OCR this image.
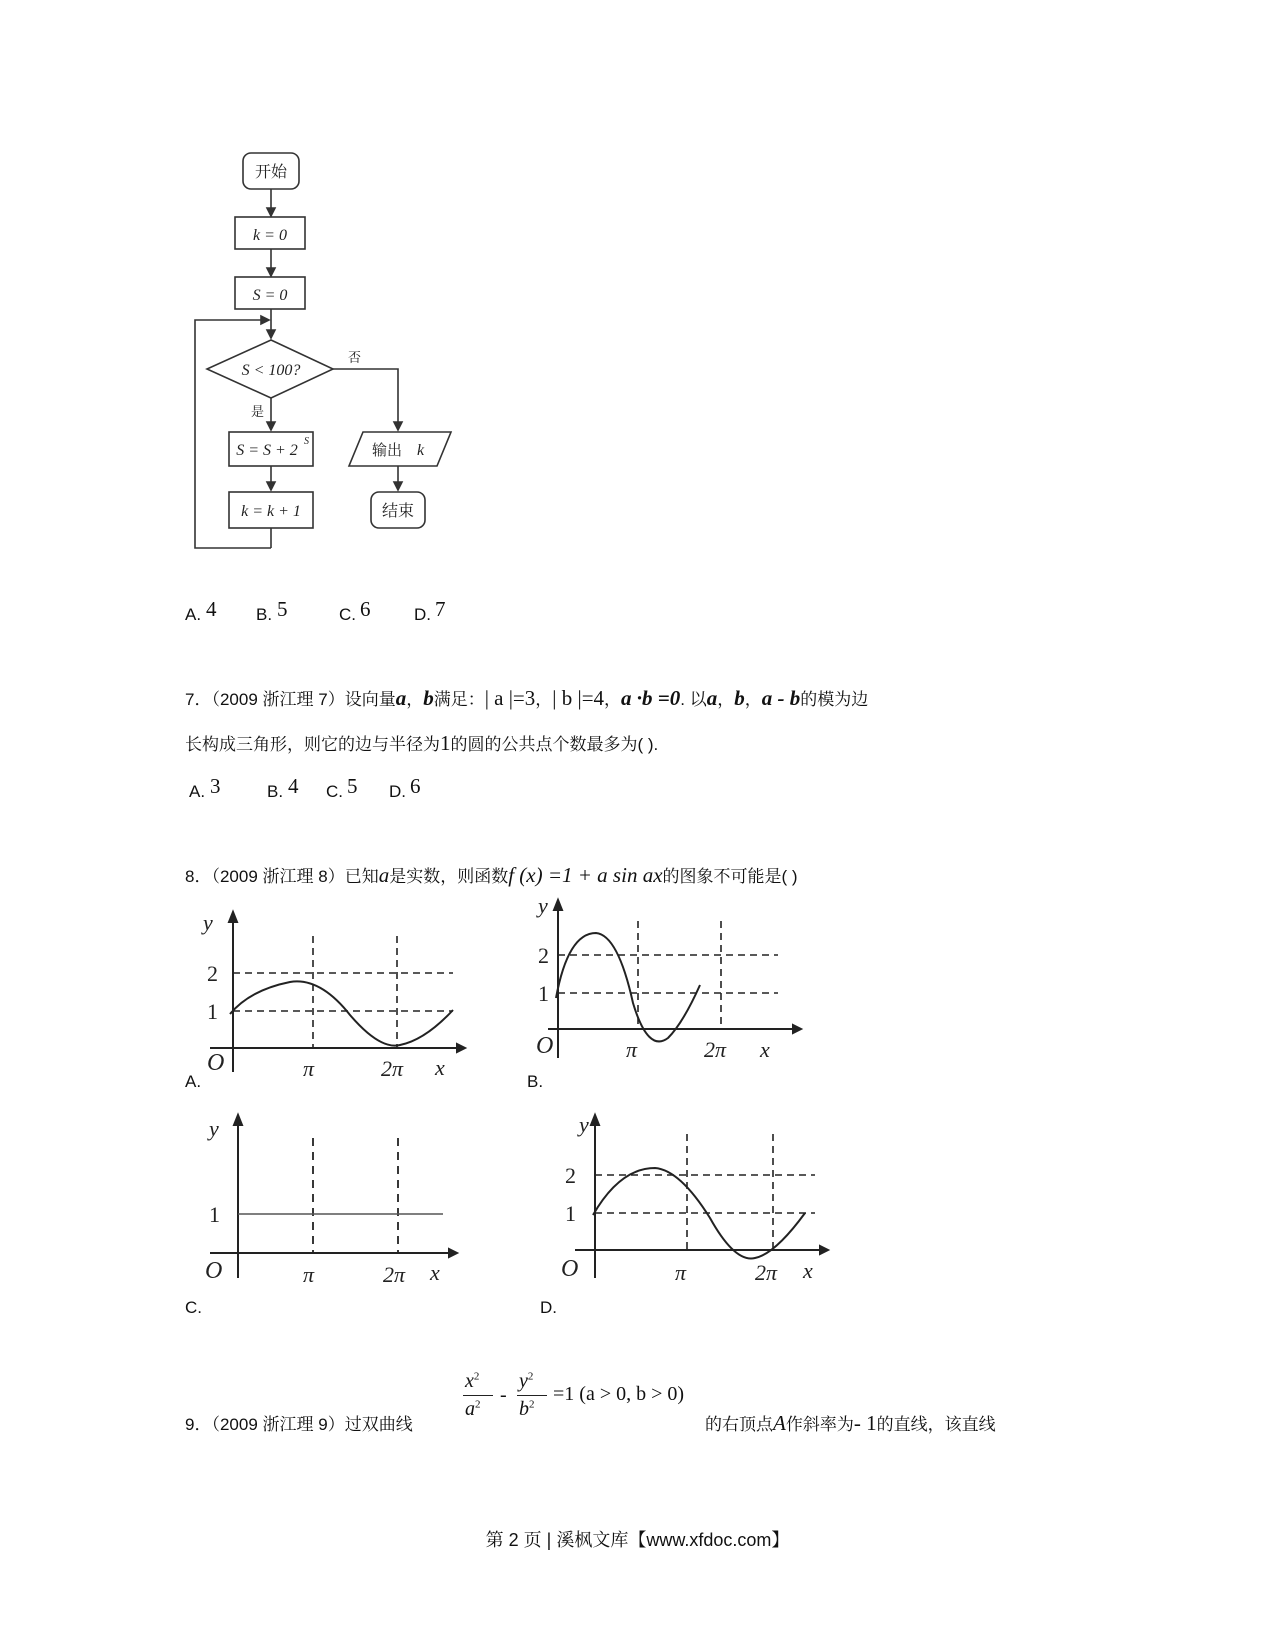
开始
k = 0
S = 0
S < 100?
否
是
S = S + 2
S
k = k + 1
输出 k
结束
A. 4 B. 5	C. 6	D. 7
7．（2009 浙江理 7）设向量a，b满足：| a |=3，| b |=4，a ·b =0. 以a，b，a - b的模为边
长构成三角形，则它的边与半径为1的圆的公共点个数最多为( ).
A. 3	B. 4 C. 5 D. 6
8．（2009 浙江理 8）已知a是实数，则函数f (x) =1 + a sin ax的图象不可能是( )
y
O	x
π	2π
1
2
A.
y
O	x
π	2π
1
2
B.
y
O	x
π	2π
1
C.
y
O	x
π	2π
1
2
D.
9．（2009 浙江理 9）过双曲线
$x^2$
$a^2$ -
$y^2$
$b^2 =1$ (a > 0, b > 0)
的右顶点A作斜率为- 1的直线，该直线
第 2 页 | 溪枫文库【www.xfdoc.com】
